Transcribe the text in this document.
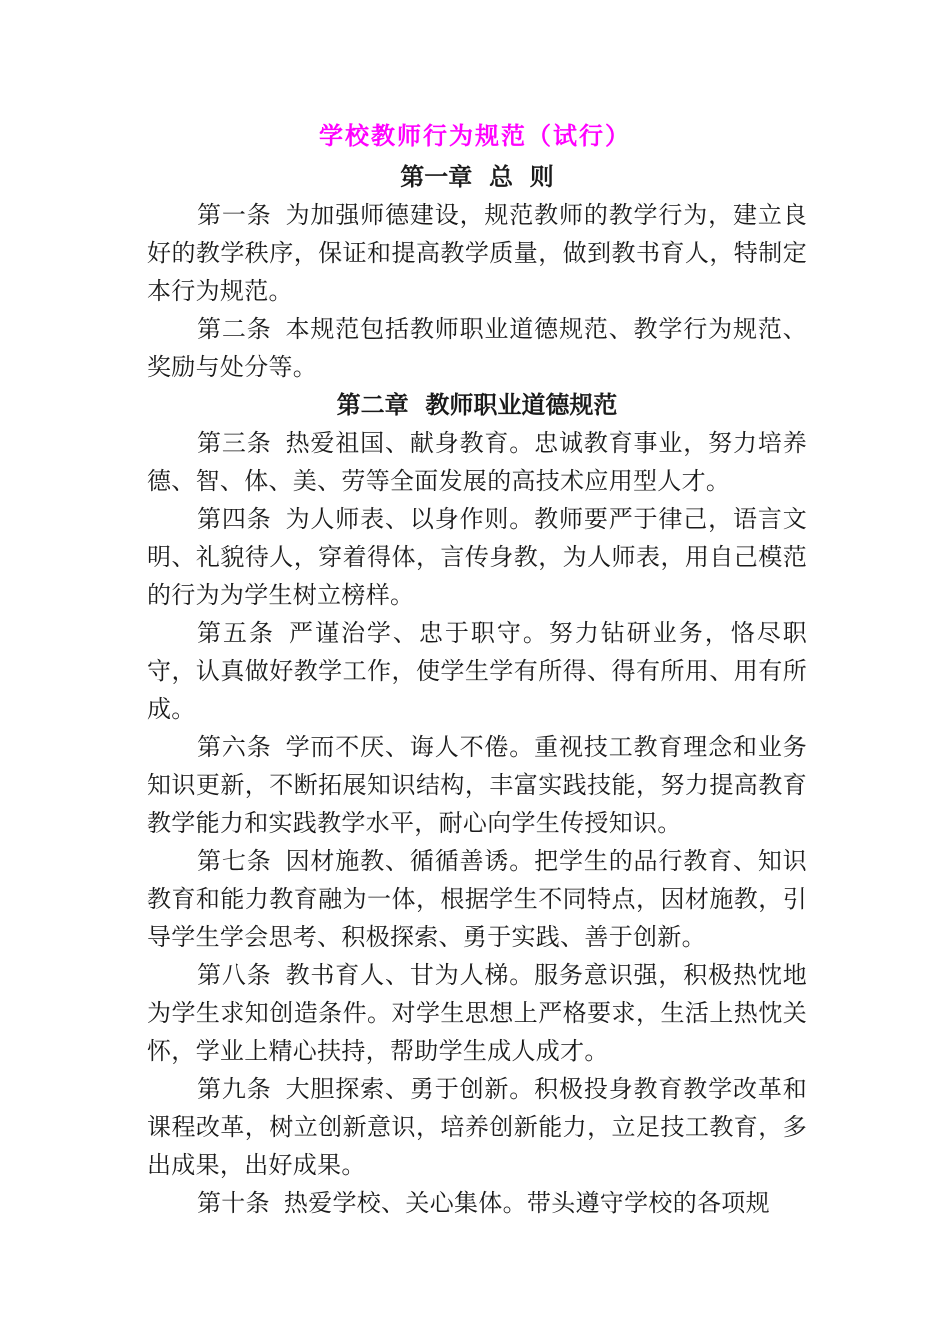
学校教师行为规范（试行）
第一章  总  则

第一条 为加强师德建设，规范教师的教学行为，建立良好的教学秩序，保证和提高教学质量，做到教书育人，特制定本行为规范。

第二条 本规范包括教师职业道德规范、教学行为规范、奖励与处分等。

第二章  教师职业道德规范

第三条 热爱祖国、献身教育。忠诚教育事业，努力培养德、智、体、美、劳等全面发展的高技术应用型人才。

第四条 为人师表、以身作则。教师要严于律己，语言文明、礼貌待人，穿着得体，言传身教，为人师表，用自己模范的行为为学生树立榜样。

第五条 严谨治学、忠于职守。努力钻研业务，恪尽职守，认真做好教学工作，使学生学有所得、得有所用、用有所成。

第六条 学而不厌、诲人不倦。重视技工教育理念和业务知识更新，不断拓展知识结构，丰富实践技能，努力提高教育教学能力和实践教学水平，耐心向学生传授知识。

第七条 因材施教、循循善诱。把学生的品行教育、知识教育和能力教育融为一体，根据学生不同特点，因材施教，引导学生学会思考、积极探索、勇于实践、善于创新。

第八条 教书育人、甘为人梯。服务意识强，积极热忱地为学生求知创造条件。对学生思想上严格要求，生活上热忱关怀，学业上精心扶持，帮助学生成人成才。

第九条 大胆探索、勇于创新。积极投身教育教学改革和课程改革，树立创新意识，培养创新能力，立足技工教育，多出成果，出好成果。

第十条 热爱学校、关心集体。带头遵守学校的各项规
